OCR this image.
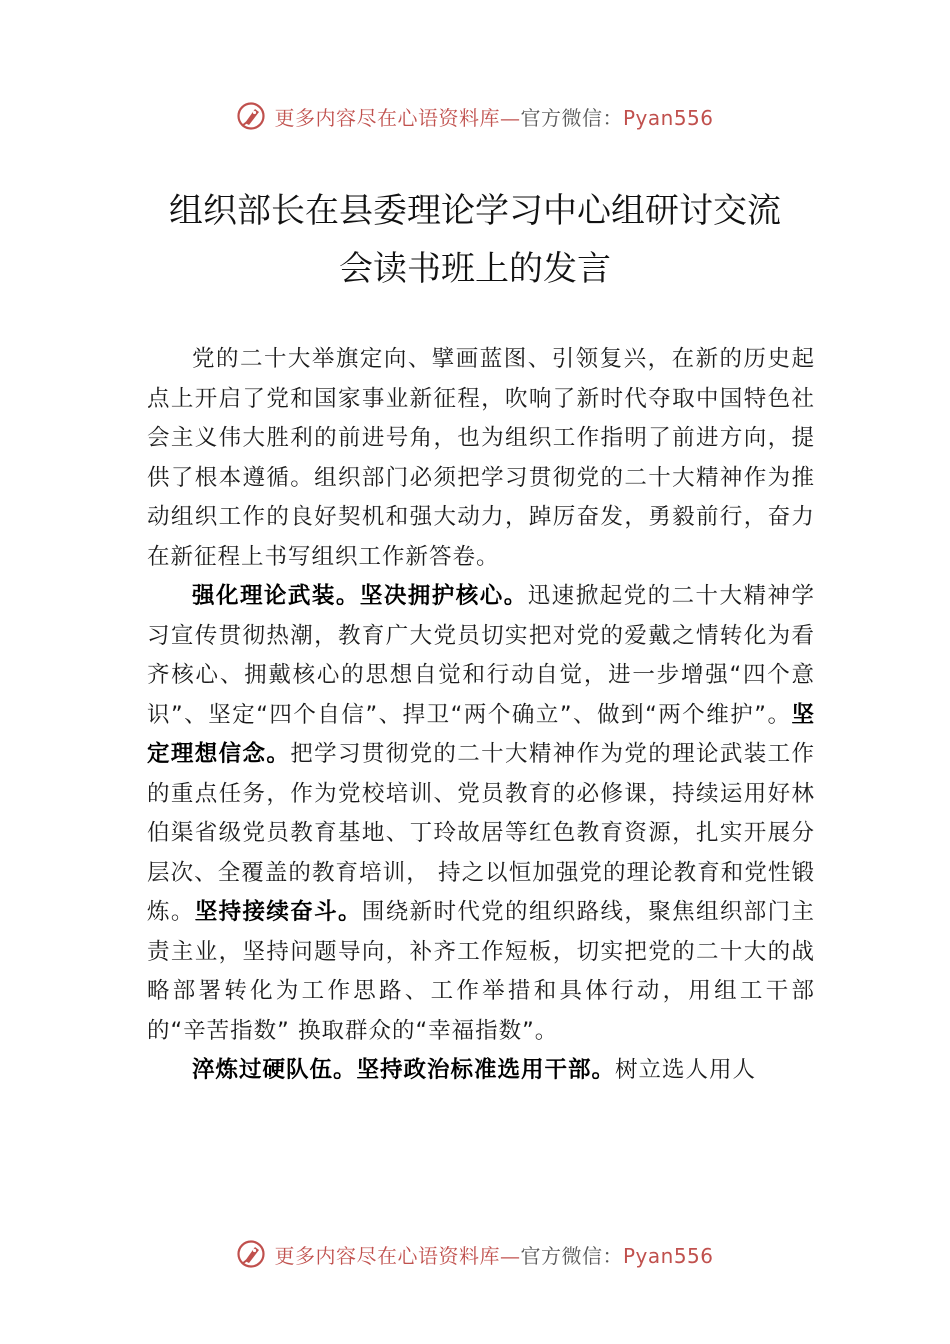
更多内容尽在心语资料库—官方微信：Pyan556
组织部长在县委理论学习中心组研讨交流
会读书班上的发言

党的二十大举旗定向、擘画蓝图、引领复兴，在新的历史起点上开启了党和国家事业新征程，吹响了新时代夺取中国特色社会主义伟大胜利的前进号角，也为组织工作指明了前进方向，提供了根本遵循。组织部门必须把学习贯彻党的二十大精神作为推动组织工作的良好契机和强大动力，踔厉奋发，勇毅前行，奋力在新征程上书写组织工作新答卷。

强化理论武装。坚决拥护核心。迅速掀起党的二十大精神学习宣传贯彻热潮，教育广大党员切实把对党的爱戴之情转化为看齐核心、拥戴核心的思想自觉和行动自觉，进一步增强“四个意识”、坚定“四个自信”、捍卫“两个确立”、做到“两个维护”。坚定理想信念。把学习贯彻党的二十大精神作为党的理论武装工作的重点任务，作为党校培训、党员教育的必修课，持续运用好林伯渠省级党员教育基地、丁玲故居等红色教育资源，扎实开展分层次、全覆盖的教育培训， 持之以恒加强党的理论教育和党性锻炼。坚持接续奋斗。围绕新时代党的组织路线，聚焦组织部门主责主业，坚持问题导向，补齐工作短板，切实把党的二十大的战略部署转化为工作思路、工作举措和具体行动，用组工干部的“辛苦指数” 换取群众的“幸福指数”。

淬炼过硬队伍。坚持政治标准选用干部。树立选人用人

更多内容尽在心语资料库—官方微信：Pyan556
